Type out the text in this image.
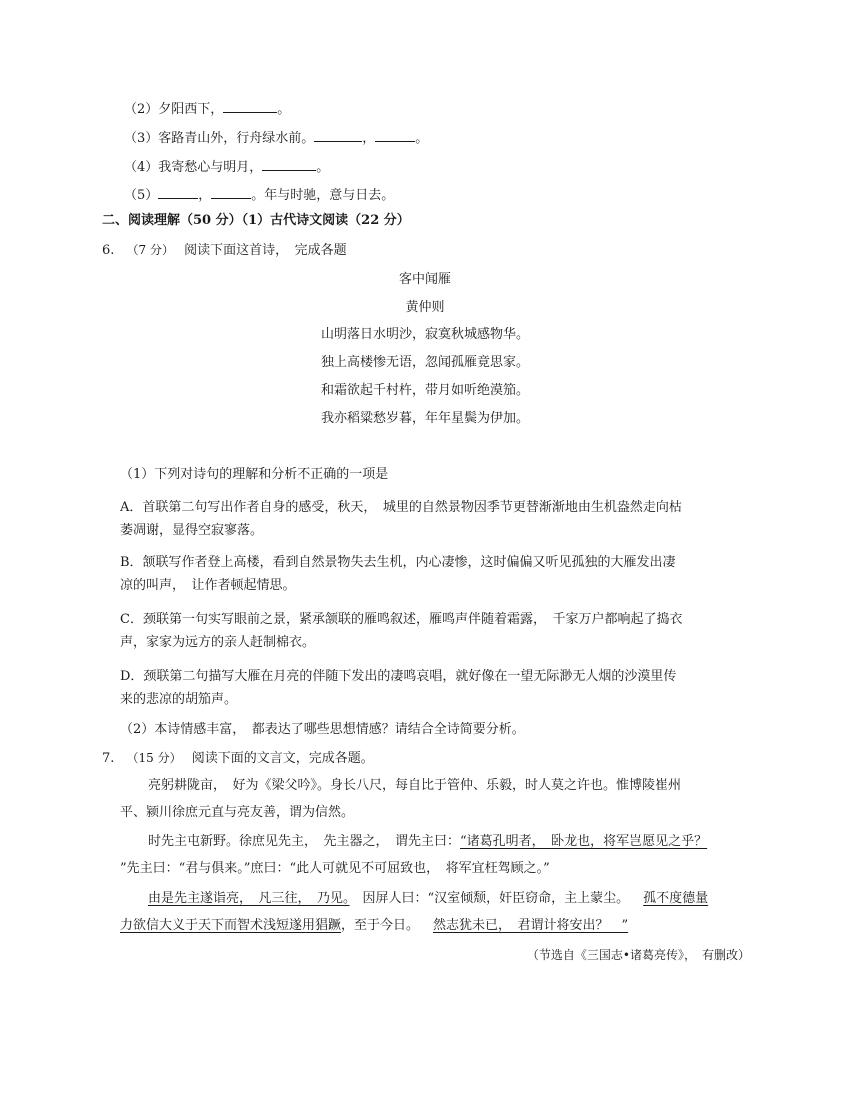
（2）夕阳西下，	。
（3）客路青山外，行舟绿水前。	，	。
（4）我寄愁心与明月，	。
（5）	，	。年与时驰，意与日去。
二、阅读理解（50 分）（1）古代诗文阅读（22 分）
6. （7 分） 阅读下面这首诗，　完成各题
客中闻雁
黄仲则
山明落日水明沙，寂寞秋城感物华。
独上高楼惨无语，忽闻孤雁竟思家。
和霜欲起千村杵，带月如听绝漠笳。
我亦稻粱愁岁暮，年年星鬓为伊加。
（1）下列对诗句的理解和分析不正确的一项是
A．首联第二句写出作者自身的感受，秋天，　城里的自然景物因季节更替渐渐地由生机盎然走向枯
萎凋谢，显得空寂寥落。
B．颔联写作者登上高楼，看到自然景物失去生机，内心凄惨，这时偏偏又听见孤独的大雁发出凄
凉的叫声，　让作者顿起情思。
C．颈联第一句实写眼前之景，紧承颔联的雁鸣叙述，雁鸣声伴随着霜露，　千家万户都响起了捣衣
声，家家为远方的亲人赶制棉衣。
D．颈联第二句描写大雁在月亮的伴随下发出的凄鸣哀唱，就好像在一望无际渺无人烟的沙漠里传
来的悲凉的胡笳声。
（2）本诗情感丰富，　都表达了哪些思想情感？请结合全诗简要分析。
7. （15 分） 阅读下面的文言文，完成各题。
亮躬耕陇亩，　好为《梁父吟》。身长八尺，每自比于管仲、乐毅，时人莫之许也。惟博陵崔州
平、颍川徐庶元直与亮友善，谓为信然。
时先主屯新野。徐庶见先主，　先主器之，　谓先主曰：“诸葛孔明者，　卧龙也，将军岂愿见之乎？
”先主曰：“君与俱来。”庶曰：“此人可就见不可屈致也，　将军宜枉驾顾之。”
由是先主遂诣亮，　凡三往，　乃见。　因屏人曰：“汉室倾颓，奸臣窃命，主上蒙尘。 孤不度德量
力欲信大义于天下而智术浅短遂用猖蹶，至于今日。 然志犹未已，　君谓计将安出？　”
（节选自《三国志•诸葛亮传》，　有删改）
